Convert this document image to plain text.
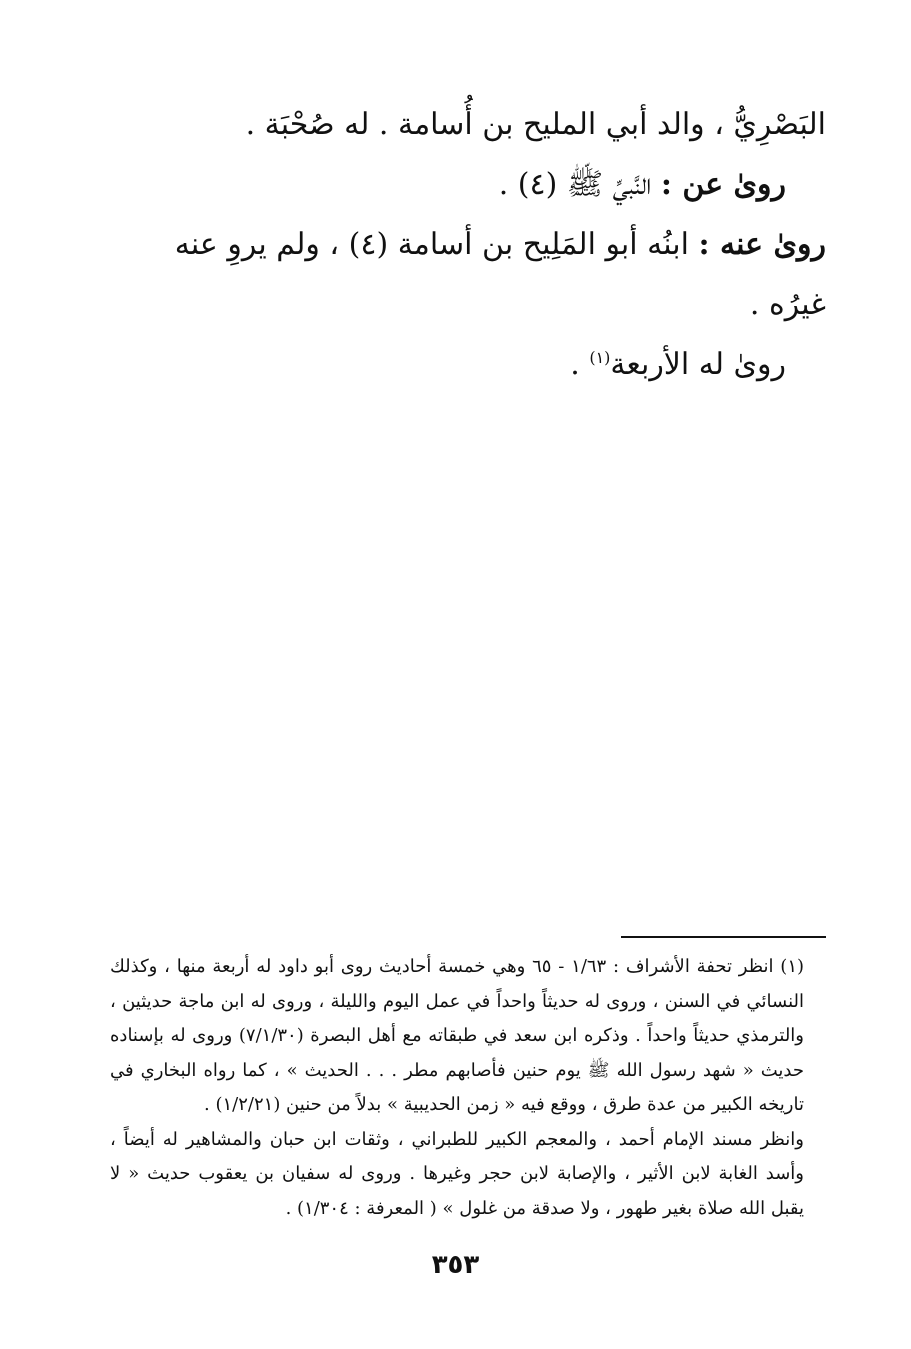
البَصْرِيُّ ، والد أبي المليح بن أُسامة . له صُحْبَة .

روىٰ عن : النَّبيِّ ﷺ (٤) .

روىٰ عنه : ابنُه أبو المَلِيح بن أسامة (٤) ، ولم يروِ عنه غيرُه .

روىٰ له الأربعة$^{(١)}$ .

(١) انظر تحفة الأشراف : ١/٦٣ - ٦٥ وهي خمسة أحاديث روى أبو داود له أربعة منها ، وكذلك النسائي في السنن ، وروى له حديثاً واحداً في عمل اليوم والليلة ، وروى له ابن ماجة حديثين ، والترمذي حديثاً واحداً . وذكره ابن سعد في طبقاته مع أهل البصرة (٧/١/٣٠) وروى له بإسناده حديث « شهد رسول الله ﷺ يوم حنين فأصابهم مطر . . . الحديث » ، كما رواه البخاري في تاريخه الكبير من عدة طرق ، ووقع فيه « زمن الحديبية » بدلاً من حنين (١/٢/٢١) .

وانظر مسند الإمام أحمد ، والمعجم الكبير للطبراني ، وثقات ابن حبان والمشاهير له أيضاً ، وأسد الغابة لابن الأثير ، والإصابة لابن حجر وغيرها . وروى له سفيان بن يعقوب حديث « لا يقبل الله صلاة بغير طهور ، ولا صدقة من غلول » ( المعرفة : ١/٣٠٤) .

٣٥٣
